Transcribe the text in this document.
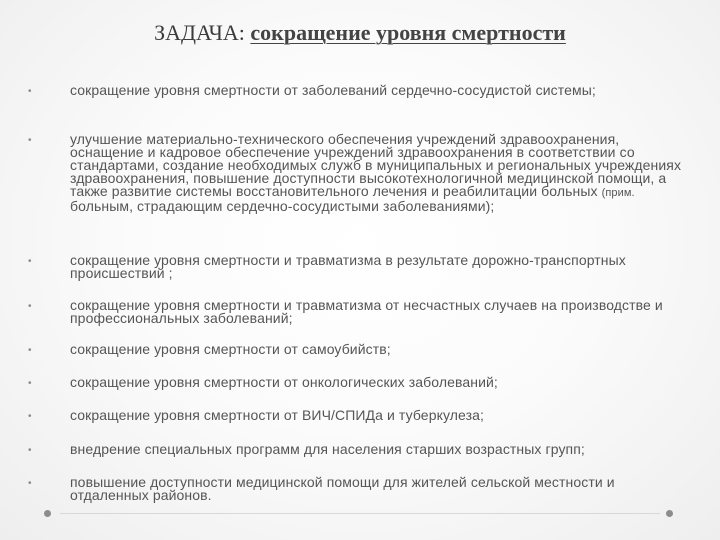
ЗАДАЧА: сокращение уровня смертности
•	сокращение уровня смертности от заболеваний сердечно-сосудистой системы;
•	улучшение материально-технического обеспечения учреждений здравоохранения, оснащение и кадровое обеспечение учреждений здравоохранения в соответствии со стандартами, создание необходимых служб в муниципальных и региональных учреждениях здравоохранения, повышение доступности высокотехнологичной медицинской помощи, а также развитие системы восстановительного лечения и реабилитации больных (прим. больным, страдающим сердечно-сосудистыми заболеваниями);
•	сокращение уровня смертности и травматизма в результате дорожно-транспортных происшествий ;
•	сокращение уровня смертности и травматизма от несчастных случаев на производстве и профессиональных заболеваний;
•	сокращение уровня смертности от самоубийств;
•	сокращение уровня смертности от онкологических заболеваний;
•	сокращение уровня смертности от ВИЧ/СПИДа и туберкулеза;
•	внедрение специальных программ для населения старших возрастных групп;
•	повышение доступности медицинской помощи для жителей сельской местности и отдаленных районов.
